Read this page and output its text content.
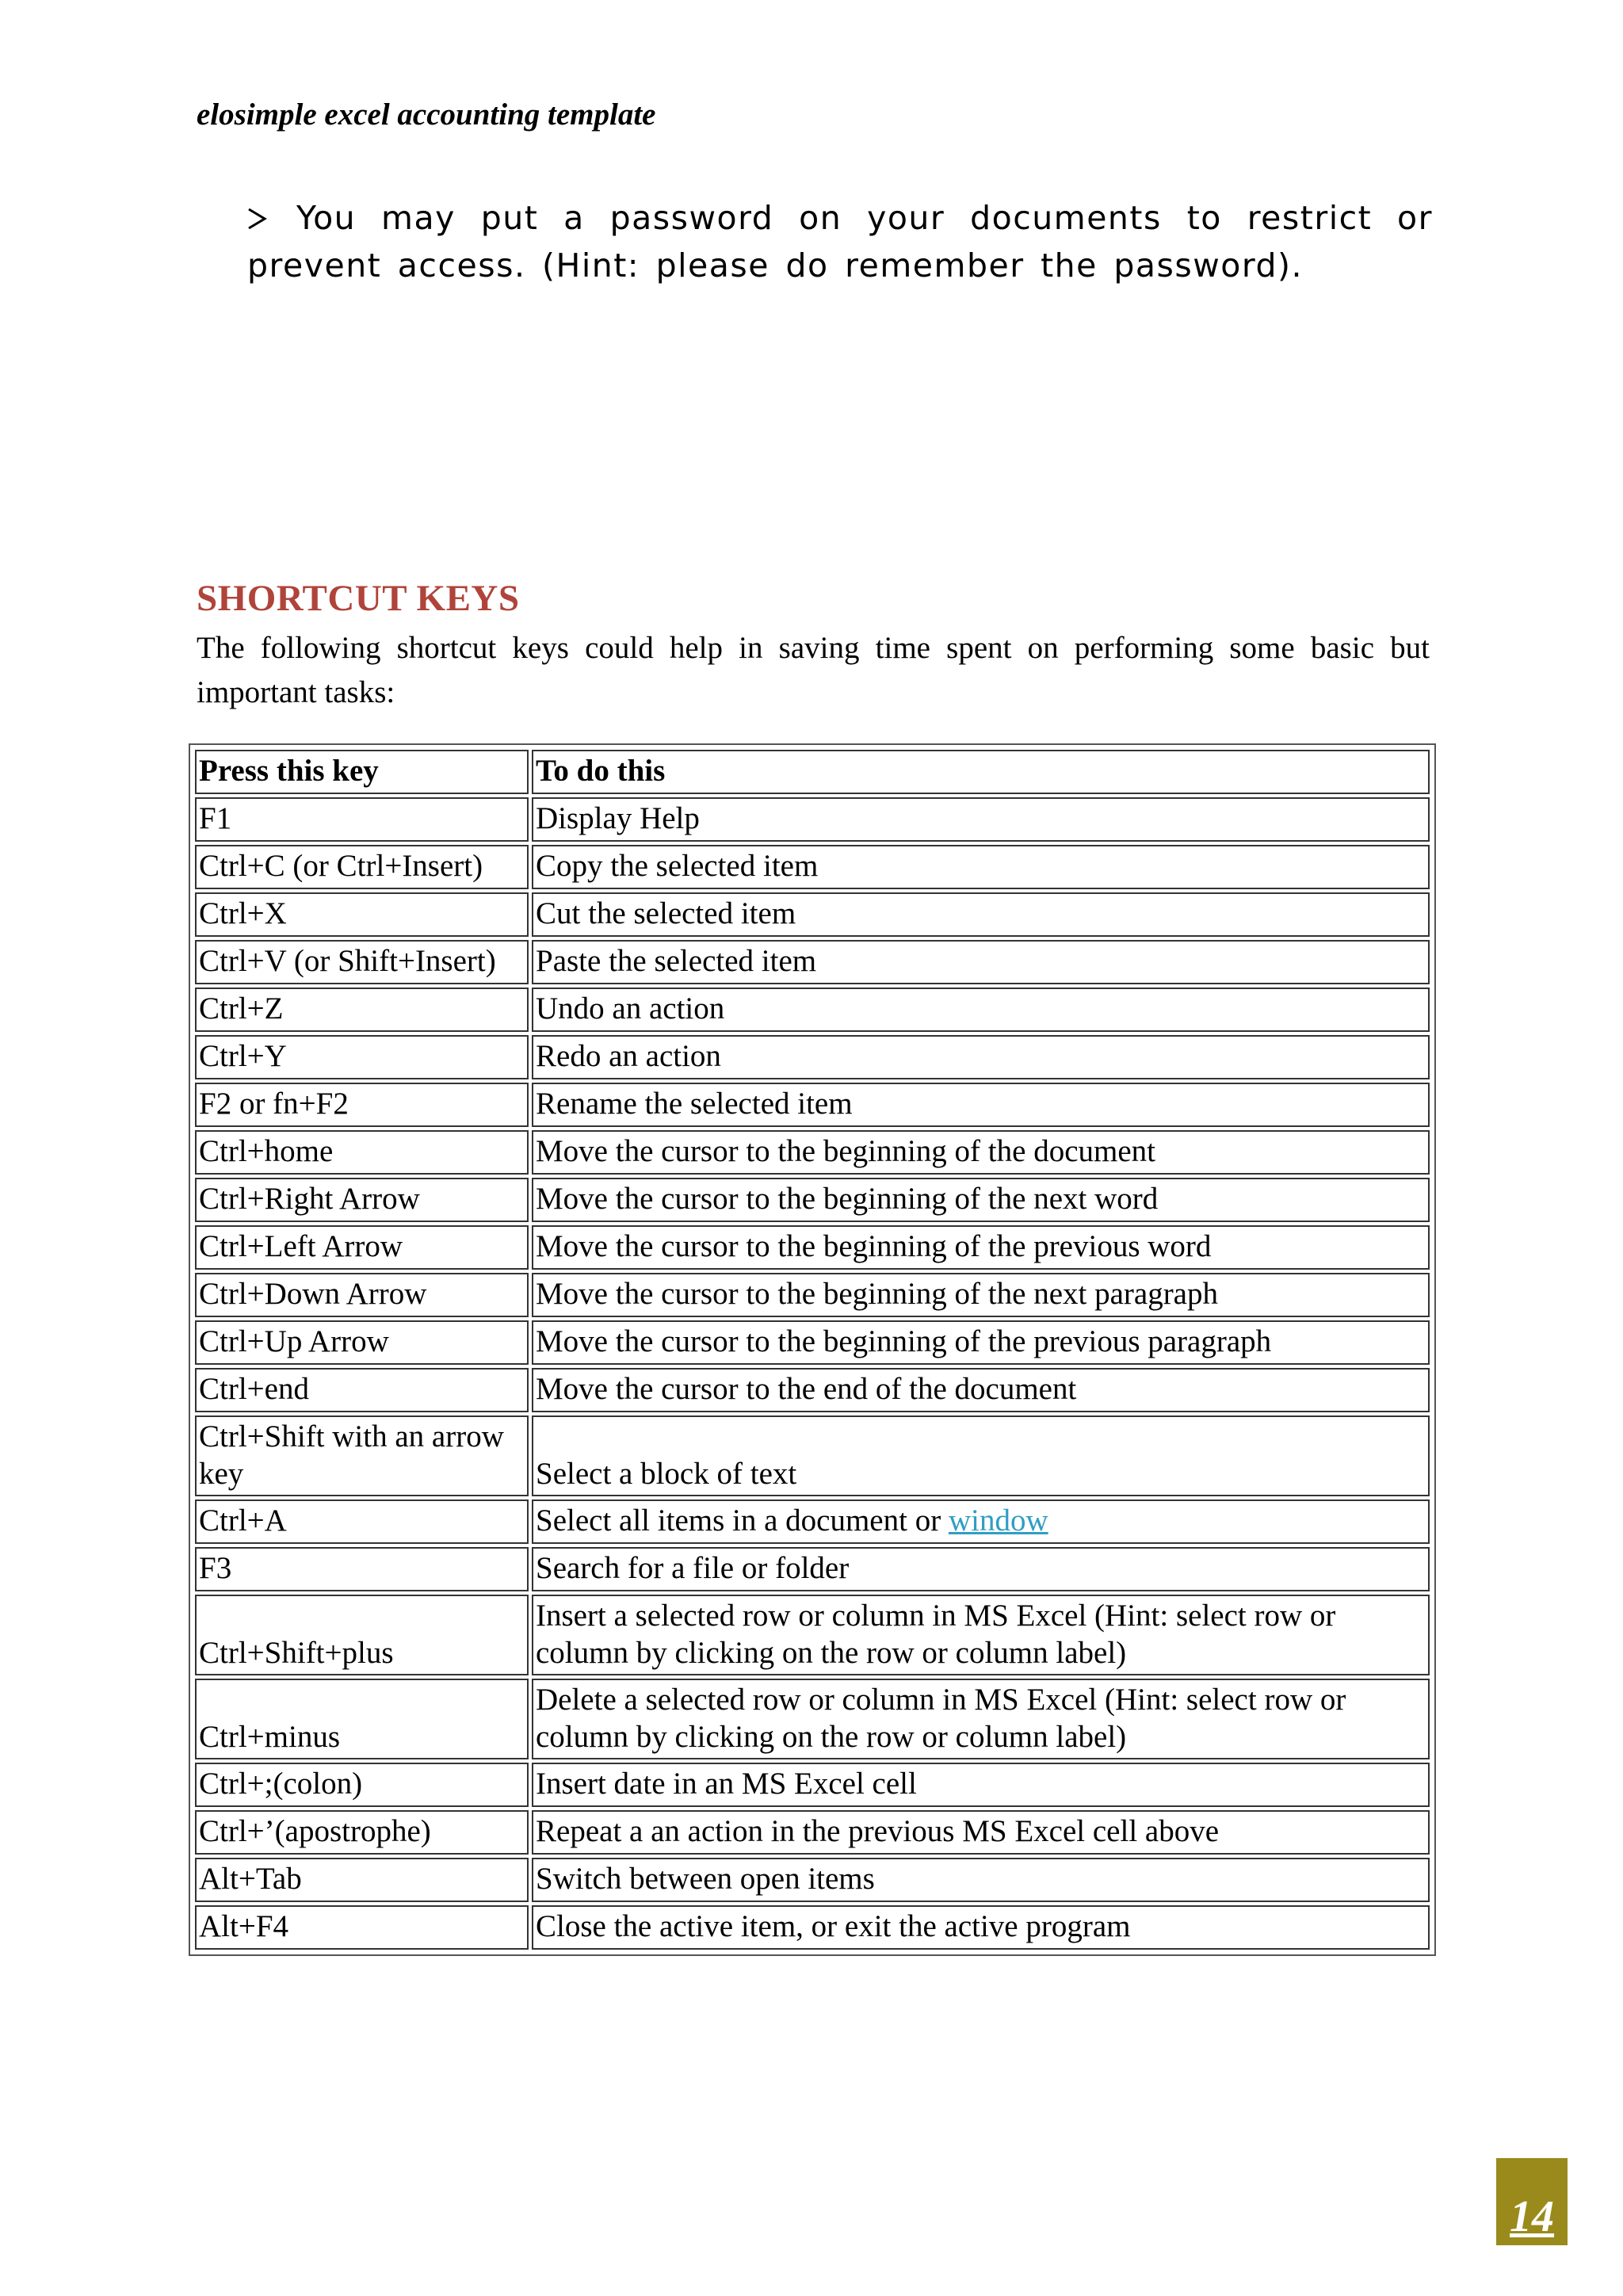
elosimple excel accounting template
You may put a password on your documents to restrict or prevent access. (Hint: please do remember the password).
SHORTCUT KEYS
The following shortcut keys could help in saving time spent on performing some basic but important tasks:
Press this key	To do this
F1	Display Help
Ctrl+C (or Ctrl+Insert)	Copy the selected item
Ctrl+X	Cut the selected item
Ctrl+V (or Shift+Insert)	Paste the selected item
Ctrl+Z	Undo an action
Ctrl+Y	Redo an action
F2 or fn+F2	Rename the selected item
Ctrl+home	Move the cursor to the beginning of the document
Ctrl+Right Arrow	Move the cursor to the beginning of the next word
Ctrl+Left Arrow	Move the cursor to the beginning of the previous word
Ctrl+Down Arrow	Move the cursor to the beginning of the next paragraph
Ctrl+Up Arrow	Move the cursor to the beginning of the previous paragraph
Ctrl+end	Move the cursor to the end of the document
Ctrl+Shift with an arrow key	Select a block of text
Ctrl+A	Select all items in a document or window
F3	Search for a file or folder
Ctrl+Shift+plus	Insert a selected row or column in MS Excel (Hint: select row or column by clicking on the row or column label)
Ctrl+minus	Delete a selected row or column in MS Excel (Hint: select row or column by clicking on the row or column label)
Ctrl+;(colon)	Insert date in an MS Excel cell
Ctrl+’(apostrophe)	Repeat a an action in the previous MS Excel cell above
Alt+Tab	Switch between open items
Alt+F4	Close the active item, or exit the active program
14
